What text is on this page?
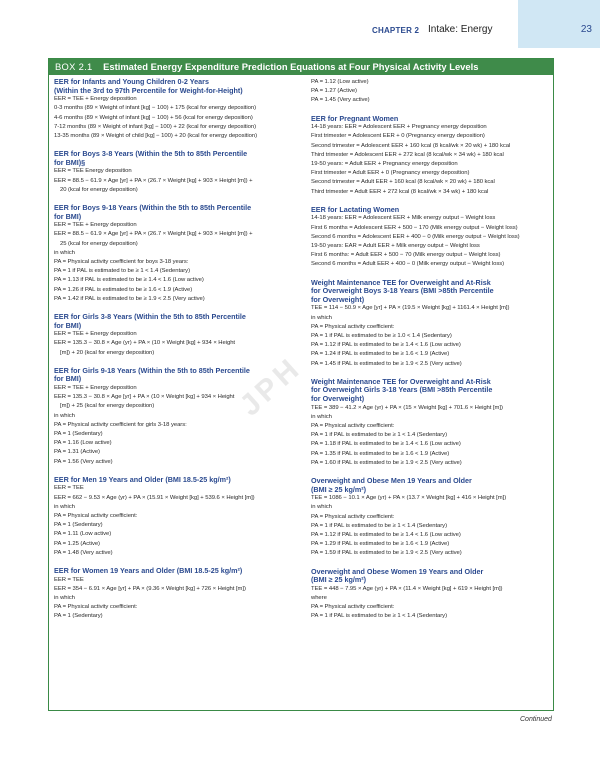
CHAPTER 2 Intake: Energy	23
BOX 2.1 Estimated Energy Expenditure Prediction Equations at Four Physical Activity Levels
EER for Infants and Young Children 0-2 Years
(Within the 3rd to 97th Percentile for Weight-for-Height)
EER = TEE + Energy deposition
0-3 months (89 × Weight of infant [kg] − 100) + 175 (kcal for energy deposition)
4-6 months (89 × Weight of infant [kg] − 100) + 56 (kcal for energy deposition)
7-12 months (89 × Weight of infant [kg] − 100) + 22 (kcal for energy deposition)
13-35 months (89 × Weight of child [kg] − 100) + 20 (kcal for energy deposition)
EER for Boys 3-8 Years (Within the 5th to 85th Percentile
for BMI)§
EER = TEE Energy deposition
EER = 88.5 − 61.9 × Age [yr] + PA × (26.7 × Weight [kg] + 903 × Height [m]) +
20 (kcal for energy deposition)
EER for Boys 9-18 Years (Within the 5th to 85th Percentile
for BMI)
EER = TEE + Energy deposition
EER = 88.5 − 61.9 × Age [yr] + PA × (26.7 × Weight [kg] + 903 × Height [m]) +
25 (kcal for energy deposition)
in which
PA = Physical activity coefficient for boys 3-18 years:
PA = 1 if PAL is estimated to be ≥ 1 < 1.4 (Sedentary)
PA = 1.13 if PAL is estimated to be ≥ 1.4 < 1.6 (Low active)
PA = 1.26 if PAL is estimated to be ≥ 1.6 < 1.9 (Active)
PA = 1.42 if PAL is estimated to be ≥ 1.9 < 2.5 (Very active)
EER for Girls 3-8 Years (Within the 5th to 85th Percentile
for BMI)
EER = TEE + Energy deposition
EER = 135.3 − 30.8 × Age (yr) + PA × (10 × Weight [kg] + 934 × Height
[m]) + 20 (kcal for energy deposition)
EER for Girls 9-18 Years (Within the 5th to 85th Percentile
for BMI)
EER = TEE + Energy deposition
EER = 135.3 − 30.8 × Age [yr] + PA × (10 × Weight [kg] + 934 × Height
[m]) + 25 (kcal for energy deposition)
in which
PA = Physical activity coefficient for girls 3-18 years:
PA = 1 (Sedentary)
PA = 1.16 (Low active)
PA = 1.31 (Active)
PA = 1.56 (Very active)
EER for Men 19 Years and Older (BMI 18.5-25 kg/m²)
EER = TEE
EER = 662 − 9.53 × Age (yr) + PA × (15.91 × Weight [kg] + 539.6 × Height [m])
in which
PA = Physical activity coefficient:
PA = 1 (Sedentary)
PA = 1.11 (Low active)
PA = 1.25 (Active)
PA = 1.48 (Very active)
EER for Women 19 Years and Older (BMI 18.5-25 kg/m²)
EER = TEE
EER = 354 − 6.91 × Age [yr] + PA × (9.36 × Weight [kg] + 726 × Height [m])
in which
PA = Physical activity coefficient:
PA = 1 (Sedentary)
PA = 1.12 (Low active)
PA = 1.27 (Active)
PA = 1.45 (Very active)
EER for Pregnant Women
14-18 years: EER = Adolescent EER + Pregnancy energy deposition
First trimester = Adolescent EER + 0 (Pregnancy energy deposition)
Second trimester = Adolescent EER + 160 kcal (8 kcal/wk × 20 wk) + 180 kcal
Third trimester = Adolescent EER + 272 kcal (8 kcal/wk × 34 wk) + 180 kcal
19-50 years: = Adult EER + Pregnancy energy deposition
First trimester = Adult EER + 0 (Pregnancy energy deposition)
Second trimester = Adult EER + 160 kcal (8 kcal/wk × 20 wk) + 180 kcal
Third trimester = Adult EER + 272 kcal (8 kcal/wk × 34 wk) + 180 kcal
EER for Lactating Women
14-18 years: EER = Adolescent EER + Milk energy output − Weight loss
First 6 months = Adolescent EER + 500 − 170 (Milk energy output − Weight loss)
Second 6 months = Adolescent EER + 400 − 0 (Milk energy output − Weight loss)
19-50 years: EAR = Adult EER + Milk energy output − Weight loss
First 6 months: = Adult EER + 500 − 70 (Milk energy output − Weight loss)
Second 6 months = Adult EER + 400 − 0 (Milk energy output − Weight loss)
Weight Maintenance TEE for Overweight and At-Risk
for Overweight Boys 3-18 Years (BMI >85th Percentile
for Overweight)
TEE = 114 − 50.9 × Age [yr] + PA × (19.5 × Weight [kg] + 1161.4 × Height [m])
in which
PA = Physical activity coefficient:
PA = 1 if PAL is estimated to be ≥ 1.0 < 1.4 (Sedentary)
PA = 1.12 if PAL is estimated to be ≥ 1.4 < 1.6 (Low active)
PA = 1.24 if PAL is estimated to be ≥ 1.6 < 1.9 (Active)
PA = 1.45 if PAL is estimated to be ≥ 1.9 < 2.5 (Very active)
Weight Maintenance TEE for Overweight and At-Risk
for Overweight Girls 3-18 Years (BMI >85th Percentile
for Overweight)
TEE = 389 − 41.2 × Age (yr) + PA × (15 × Weight [kg] + 701.6 × Height [m])
in which
PA = Physical activity coefficient:
PA = 1 if PAL is estimated to be ≥ 1 < 1.4 (Sedentary)
PA = 1.18 if PAL is estimated to be ≥ 1.4 < 1.6 (Low active)
PA = 1.35 if PAL is estimated to be ≥ 1.6 < 1.9 (Active)
PA = 1.60 if PAL is estimated to be ≥ 1.9 < 2.5 (Very active)
Overweight and Obese Men 19 Years and Older
(BMI ≥ 25 kg/m²)
TEE = 1086 − 10.1 × Age (yr) + PA × (13.7 × Weight [kg] + 416 × Height [m])
in which
PA = Physical activity coefficient:
PA = 1 if PAL is estimated to be ≥ 1 < 1.4 (Sedentary)
PA = 1.12 if PAL is estimated to be ≥ 1.4 < 1.6 (Low active)
PA = 1.29 if PAL is estimated to be ≥ 1.6 < 1.9 (Active)
PA = 1.59 if PAL is estimated to be ≥ 1.9 < 2.5 (Very active)
Overweight and Obese Women 19 Years and Older
(BMI ≥ 25 kg/m²)
TEE = 448 − 7.95 × Age (yr) + PA × (11.4 × Weight [kg] + 619 × Height [m])
where
PA = Physical activity coefficient:
PA = 1 if PAL is estimated to be ≥ 1 < 1.4 (Sedentary)
JPH
Continued
